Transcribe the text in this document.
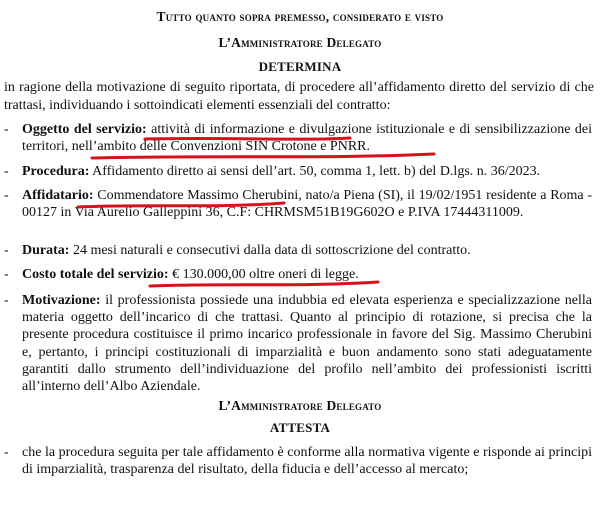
Tutto quanto sopra premesso, considerato e visto
L’Amministratore Delegato
DETERMINA
in ragione della motivazione di seguito riportata, di procedere all’affidamento diretto del servizio di che trattasi, individuando i sottoindicati elementi essenziali del contratto:
- Oggetto del servizio: attività di informazione e divulgazione istituzionale e di sensibilizzazione dei territori, nell’ambito delle Convenzioni SIN Crotone e PNRR.
- Procedura: Affidamento diretto ai sensi dell’art. 50, comma 1, lett. b) del D.lgs. n. 36/2023.
- Affidatario: Commendatore Massimo Cherubini, nato/a Piena (SI), il 19/02/1951 residente a Roma - 00127 in Via Aurelio Galleppini 36, C.F: CHRMSM51B19G602O e P.IVA 17444311009.
- Durata: 24 mesi naturali e consecutivi dalla data di sottoscrizione del contratto.
- Costo totale del servizio: € 130.000,00 oltre oneri di legge.
- Motivazione: il professionista possiede una indubbia ed elevata esperienza e specializzazione nella materia oggetto dell’incarico di che trattasi. Quanto al principio di rotazione, si precisa che la presente procedura costituisce il primo incarico professionale in favore del Sig. Massimo Cherubini e, pertanto, i principi costituzionali di imparzialità e buon andamento sono stati adeguatamente garantiti dallo strumento dell’individuazione del profilo nell’ambito dei professionisti iscritti all’interno dell’Albo Aziendale.
L’Amministratore Delegato
ATTESTA
- che la procedura seguita per tale affidamento è conforme alla normativa vigente e risponde ai principi di imparzialità, trasparenza del risultato, della fiducia e dell’accesso al mercato;
